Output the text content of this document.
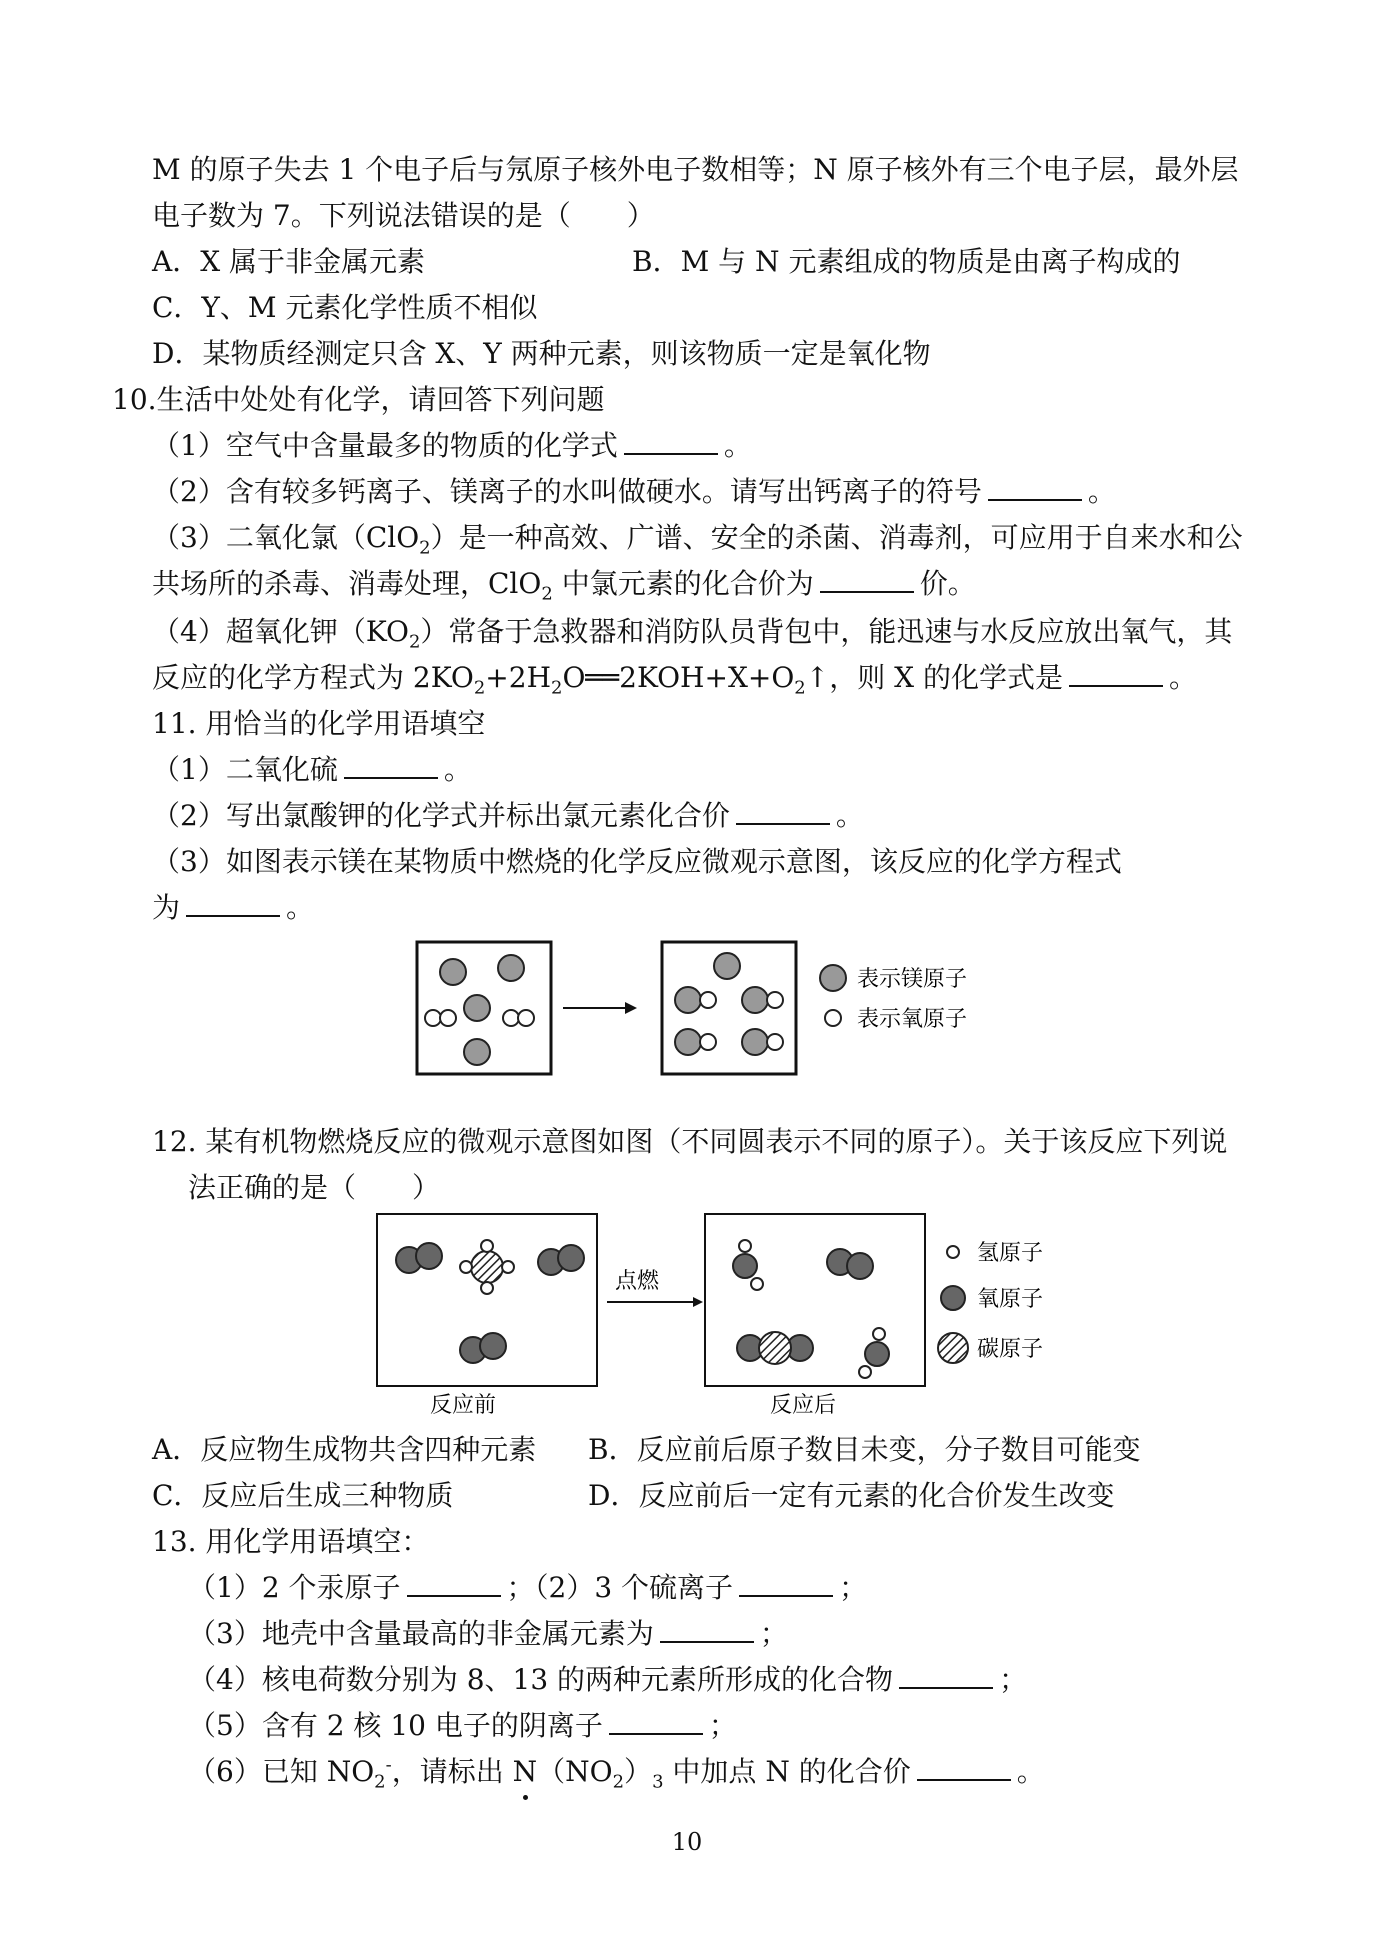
M 的原子失去 1 个电子后与氖原子核外电子数相等；N 原子核外有三个电子层，最外层
电子数为 7。下列说法错误的是（　　）
A．X 属于非金属元素	B．M 与 N 元素组成的物质是由离子构成的
C．Y、M 元素化学性质不相似
D．某物质经测定只含 X、Y 两种元素，则该物质一定是氧化物
10.生活中处处有化学，请回答下列问题
（1）空气中含量最多的物质的化学式	。
（2）含有较多钙离子、镁离子的水叫做硬水。请写出钙离子的符号	。
（3）二氧化氯（ClO$_2$）是一种高效、广谱、安全的杀菌、消毒剂，可应用于自来水和公
共场所的杀毒、消毒处理，ClO$_2$ 中氯元素的化合价为	价。
（4）超氧化钾$(KO_2)$常备于急救器和消防队员背包中，能迅速与水反应放出氧气，其
反应的化学方程式为 $2KO_2+2H_2O══2KOH+X+O_2↑$，则 X 的化学式是	。
11. 用恰当的化学用语填空
（1）二氧化硫	。
（2）写出氯酸钾的化学式并标出氯元素化合价	。
（3）如图表示镁在某物质中燃烧的化学反应微观示意图，该反应的化学方程式
为	。
表示镁原子
表示氧原子
12. 某有机物燃烧反应的微观示意图如图（不同圆表示不同的原子）。关于该反应下列说
法正确的是（　　）
点燃
氢原子
氧原子
碳原子
反应前	反应后
A．反应物生成物共含四种元素 B．反应前后原子数目未变，分子数目可能变
C．反应后生成三种物质	D．反应前后一定有元素的化合价发生改变
13. 用化学用语填空：
（1）2 个汞原子	；（2）3 个硫离子	；
（3）地壳中含量最高的非金属元素为	；
（4）核电荷数分别为 8、13 的两种元素所形成的化合物	；
（5）含有 2 核 10 电子的阴离子	；
（6）已知 $NO_2^-$，请标出 $N(NO_2)_3$ 中加点 N 的化合价	。
10
